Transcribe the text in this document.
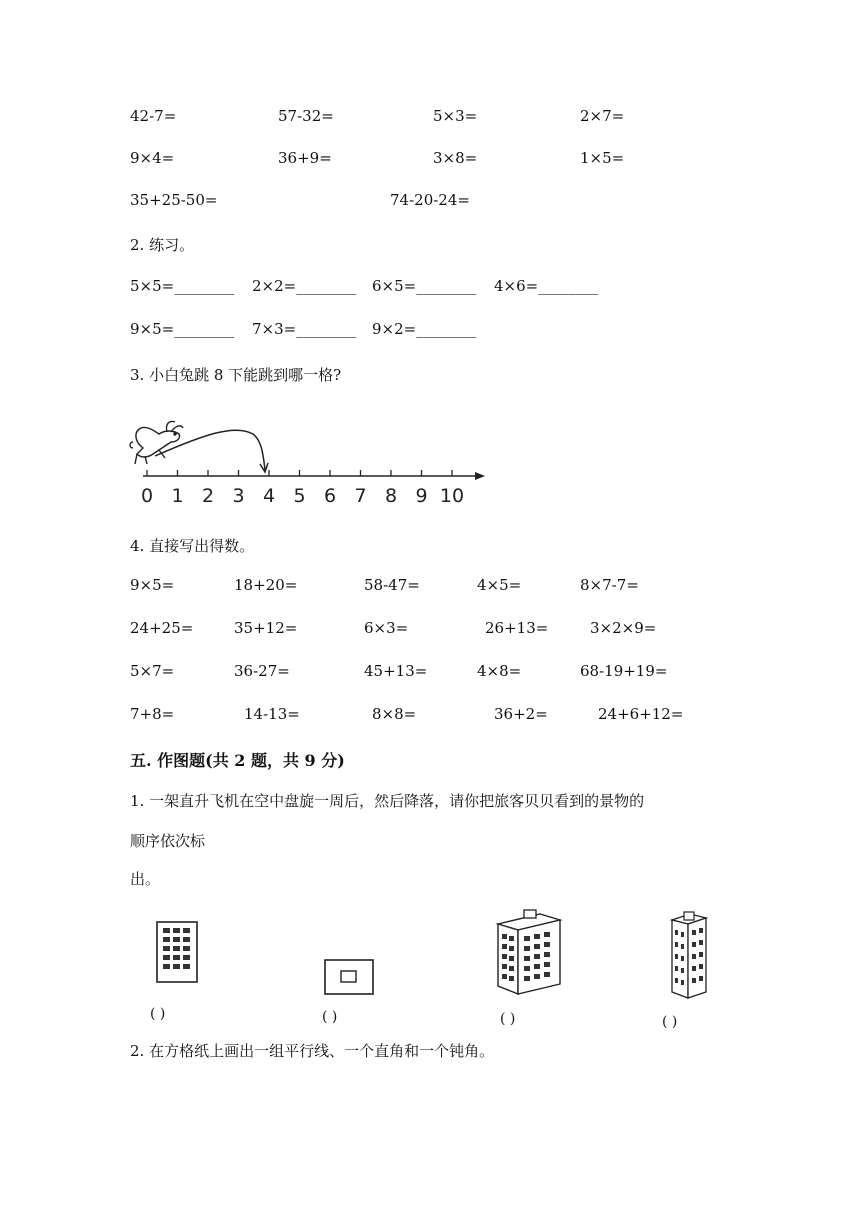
42-7=	57-32=	5×3=	2×7=
9×4=	36+9=	3×8=	1×5=
35+25-50=	74-20-24=
2. 练习。
5×5=________ 2×2=________ 6×5=________ 4×6=________
9×5=________ 7×3=________ 9×2=________
3. 小白兔跳 8 下能跳到哪一格?
0 1 2 3 4 5 6 7 8 9 10
4. 直接写出得数。
9×5=	18+20=	58-47=	4×5=	8×7-7=
24+25=	35+12=	6×3=	26+13=	3×2×9=
5×7=	36-27=	45+13=	4×8=	68-19+19=
7+8=	14-13=	8×8=	36+2=	24+6+12=
五. 作图题(共 2 题，共 9 分)
1. 一架直升飞机在空中盘旋一周后，然后降落，请你把旅客贝贝看到的景物的
顺序依次标
出。
( )	( )	( )	( )
2. 在方格纸上画出一组平行线、一个直角和一个钝角。
